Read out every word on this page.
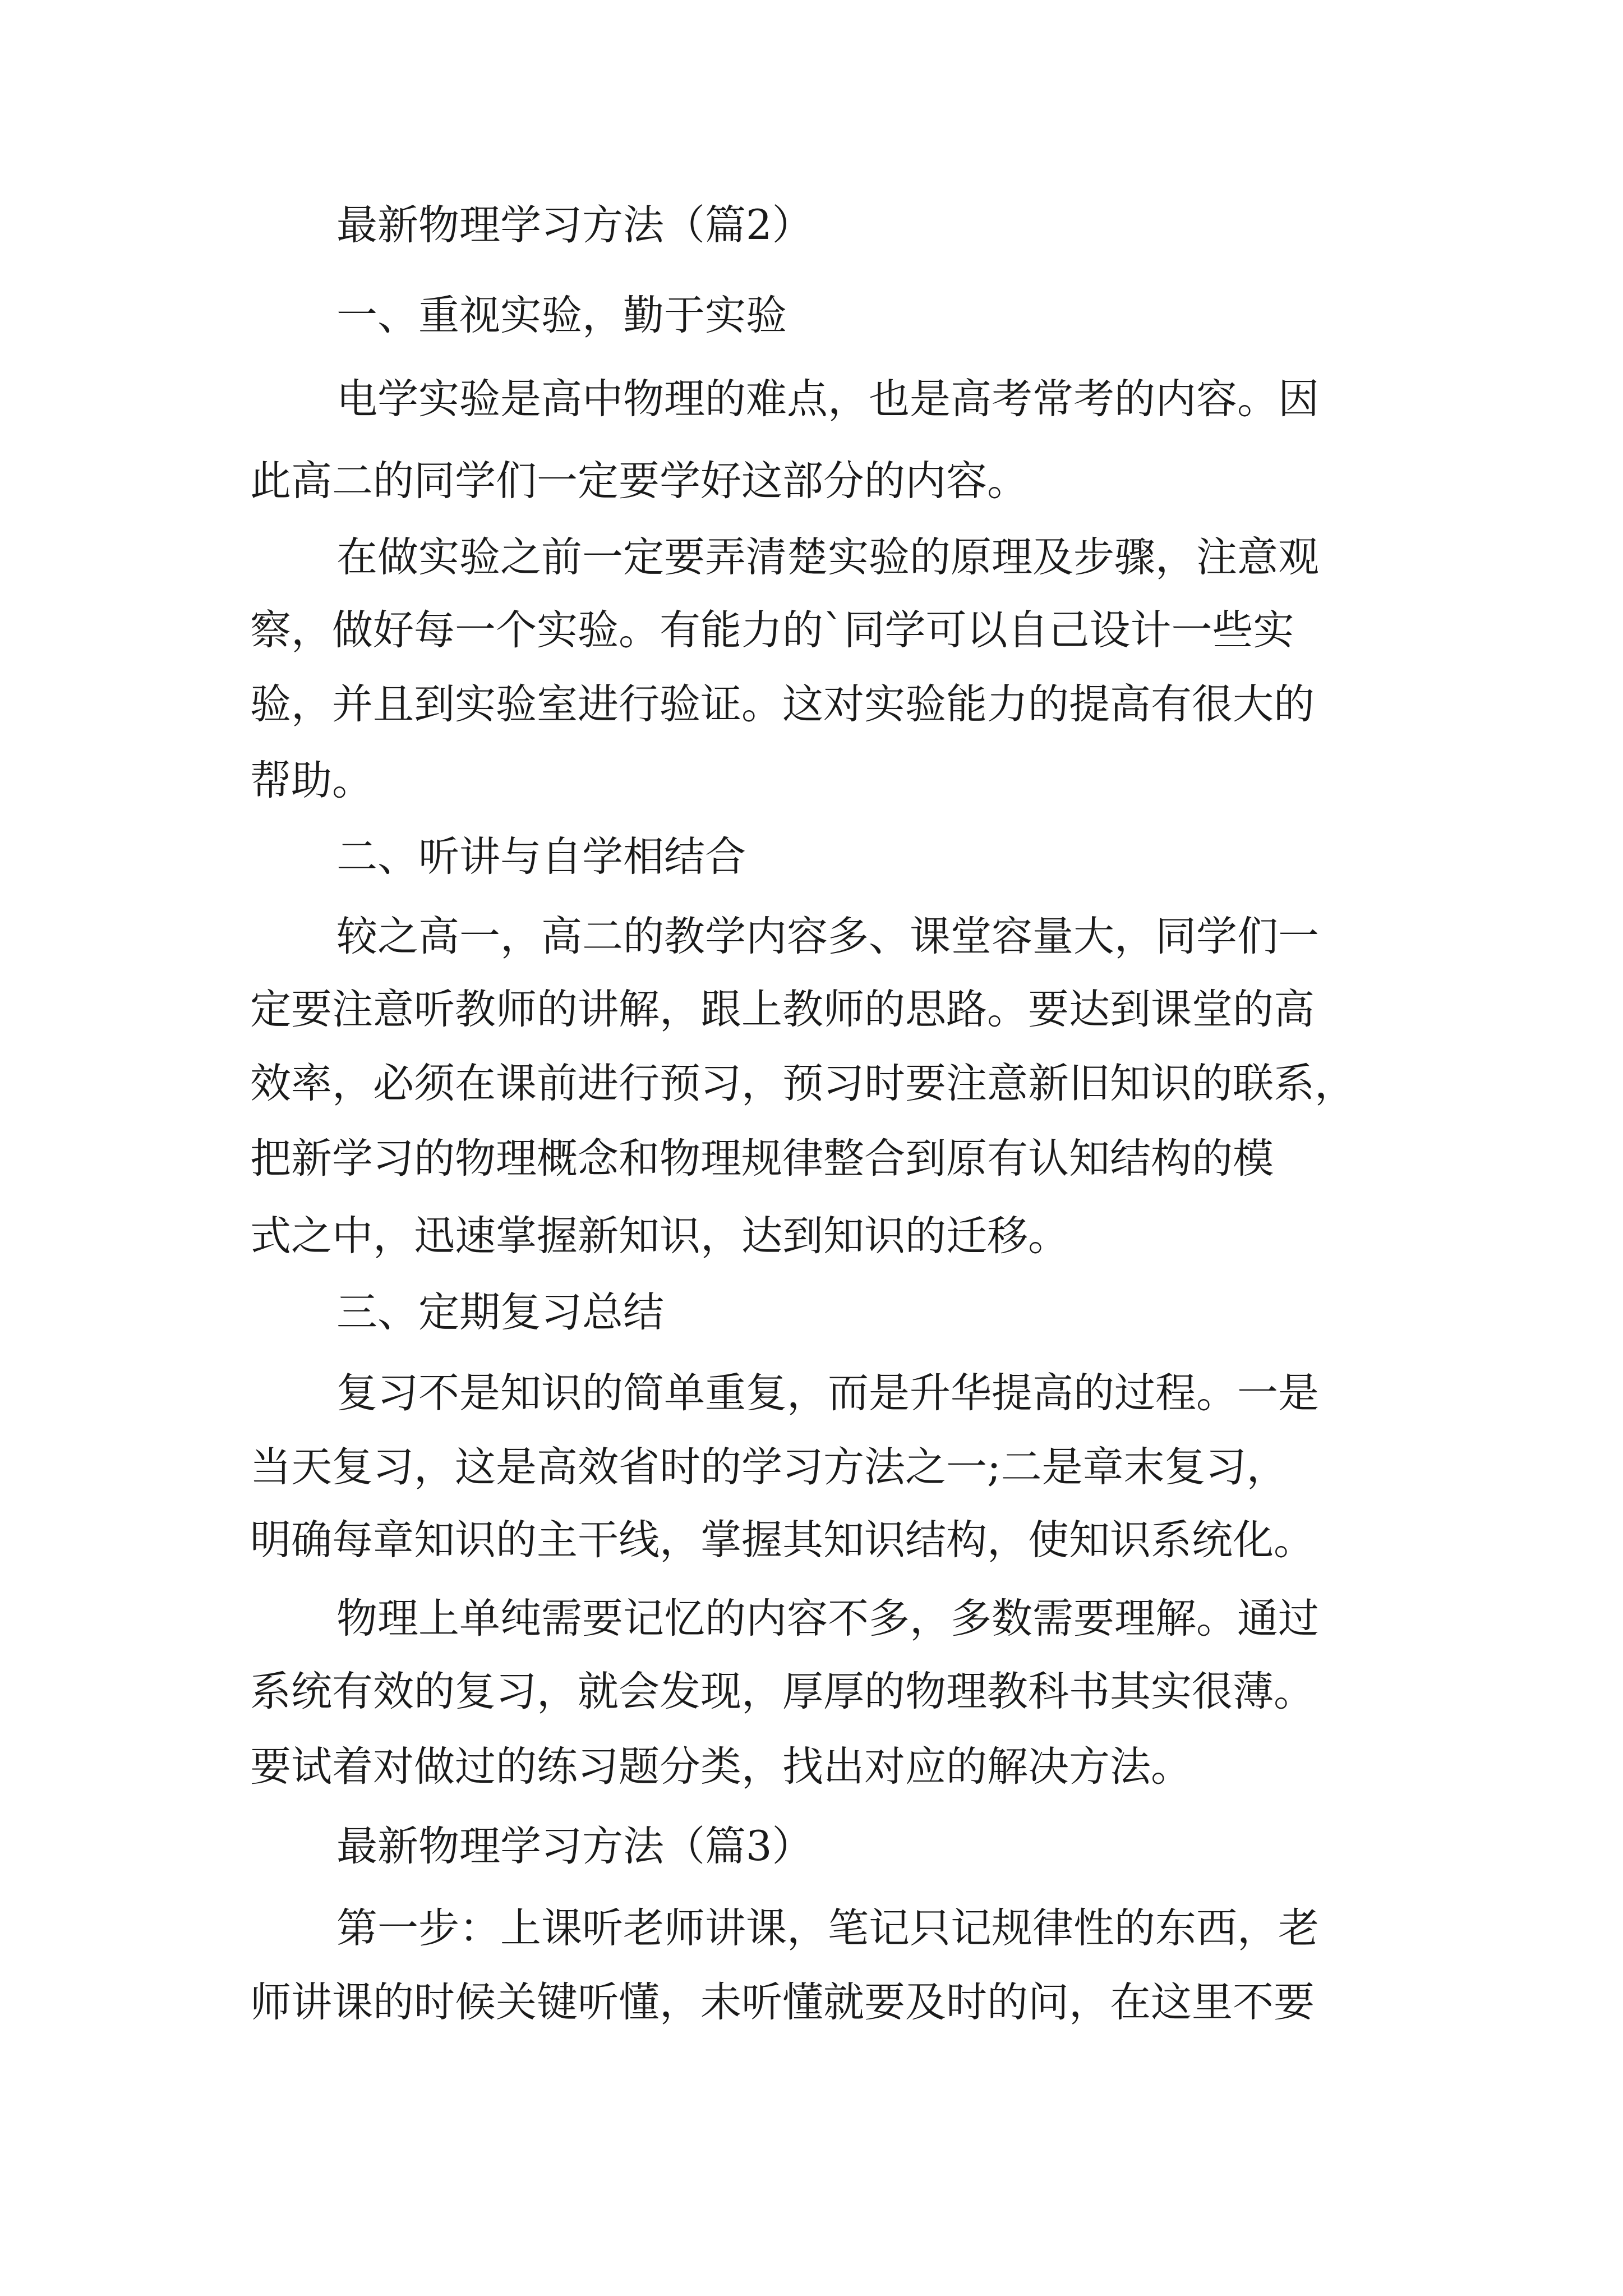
最新物理学习方法（篇2）

一、重视实验，勤于实验

电学实验是高中物理的难点，也是高考常考的内容。因

此高二的同学们一定要学好这部分的内容。

在做实验之前一定要弄清楚实验的原理及步骤，注意观

察，做好每一个实验。有能力的`同学可以自己设计一些实

验，并且到实验室进行验证。这对实验能力的提高有很大的

帮助。

二、听讲与自学相结合

较之高一，高二的教学内容多、课堂容量大，同学们一

定要注意听教师的讲解，跟上教师的思路。要达到课堂的高

效率，必须在课前进行预习，预习时要注意新旧知识的联系，

把新学习的物理概念和物理规律整合到原有认知结构的模

式之中，迅速掌握新知识，达到知识的迁移。

三、定期复习总结

复习不是知识的简单重复，而是升华提高的过程。一是

当天复习，这是高效省时的学习方法之一;二是章末复习，

明确每章知识的主干线，掌握其知识结构，使知识系统化。

物理上单纯需要记忆的内容不多，多数需要理解。通过

系统有效的复习，就会发现，厚厚的物理教科书其实很薄。

要试着对做过的练习题分类，找出对应的解决方法。

最新物理学习方法（篇3）

第一步：上课听老师讲课，笔记只记规律性的东西，老

师讲课的时候关键听懂，未听懂就要及时的问，在这里不要
